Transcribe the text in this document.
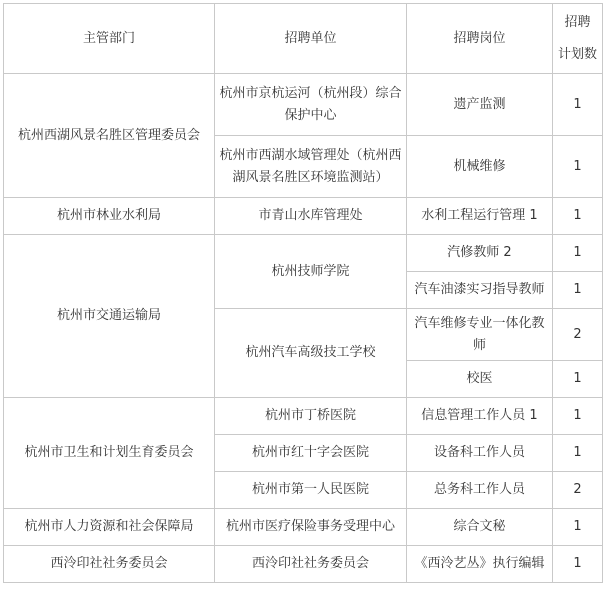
主管部门	招聘单位	招聘岗位	招聘
计划数

杭州西湖风景名胜区管理委员会	杭州市京杭运河（杭州段）综合保护中心	遗产监测	1
	杭州市西湖水域管理处（杭州西湖风景名胜区环境监测站）	机械维修	1
杭州市林业水利局	市青山水库管理处	水利工程运行管理 1	1
杭州市交通运输局	杭州技师学院	汽修教师 2	1
		汽车油漆实习指导教师	1
	杭州汽车高级技工学校	汽车维修专业一体化教师	2
		校医	1
杭州市卫生和计划生育委员会	杭州市丁桥医院	信息管理工作人员 1	1
	杭州市红十字会医院	设备科工作人员	1
	杭州市第一人民医院	总务科工作人员	2
杭州市人力资源和社会保障局	杭州市医疗保险事务受理中心	综合文秘	1
西泠印社社务委员会	西泠印社社务委员会	《西泠艺丛》执行编辑	1
